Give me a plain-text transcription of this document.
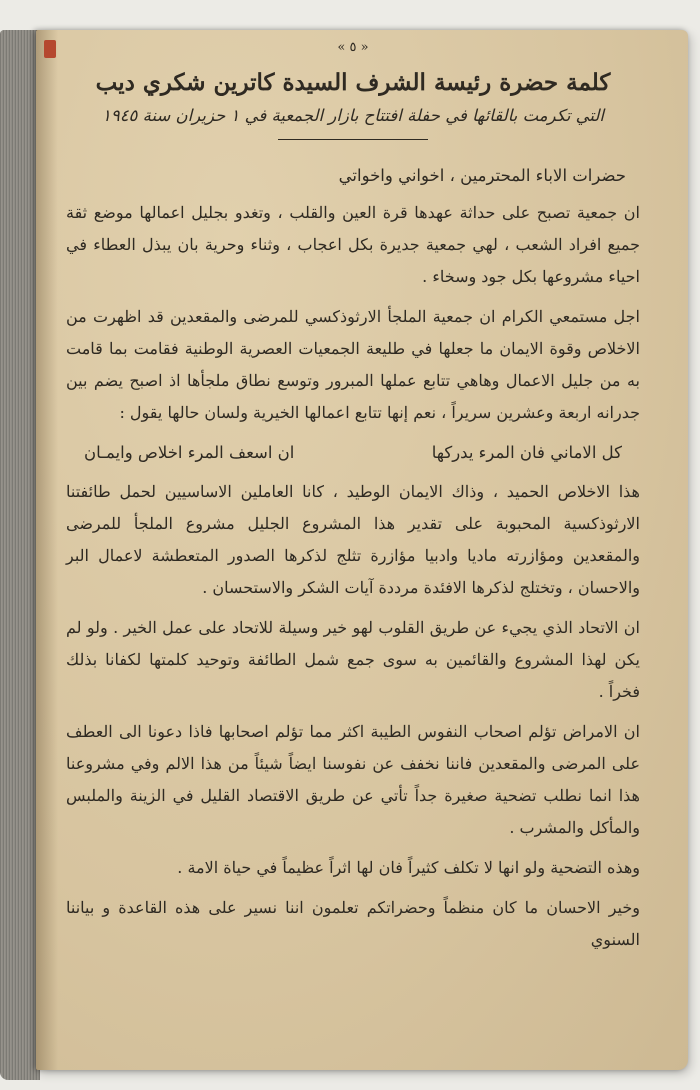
« ٥ »
كلمة حضرة رئيسة الشرف السيدة كاترين شكري ديب

التي تكرمت بالقائها في حفلة افتتاح بازار الجمعية في ١ حزيران سنة ١٩٤٥

حضرات الاباء المحترمين ، اخواني واخواتي

ان جمعية تصبح على حداثة عهدها قرة العين والقلب ، وتغدو بجليل اعمالها موضع ثقة جميع افراد الشعب ، لهي جمعية جديرة بكل اعجاب ، وثناء وحرية بان يبذل العطاء في احياء مشروعها بكل جود وسخاء .

اجل مستمعي الكرام ان جمعية الملجأ الارثوذكسي للمرضى والمقعدين قد اظهرت من الاخلاص وقوة الايمان ما جعلها في طليعة الجمعيات العصرية الوطنية فقامت بما قامت به من جليل الاعمال وهاهي تتابع عملها المبرور وتوسع نطاق ملجأها اذ اصبح يضم بين جدرانه اربعة وعشرين سريراً ، نعم إنها تتابع اعمالها الخيرية ولسان حالها يقول :

كل الاماني فان المرء يدركها
ان اسعف المرء اخلاص وايمـان

هذا الاخلاص الحميد ، وذاك الايمان الوطيد ، كانا العاملين الاساسيين لحمل طائفتنا الارثوذكسية المحبوبة على تقدير هذا المشروع الجليل مشروع الملجأ للمرضى والمقعدين ومؤازرته ماديا وادبيا مؤازرة تثلج لذكرها الصدور المتعطشة لاعمال البر والاحسان ، وتختلج لذكرها الافئدة مرددة آيات الشكر والاستحسان .

ان الاتحاد الذي يجيء عن طريق القلوب لهو خير وسيلة للاتحاد على عمل الخير . ولو لم يكن لهذا المشروع والقائمين به سوى جمع شمل الطائفة وتوحيد كلمتها لكفانا بذلك فخراً .

ان الامراض تؤلم اصحاب النفوس الطيبة اكثر مما تؤلم اصحابها فاذا دعونا الى العطف على المرضى والمقعدين فاننا نخفف عن نفوسنا ايضاً شيئاً من هذا الالم وفي مشروعنا هذا انما نطلب تضحية صغيرة جداً تأتي عن طريق الاقتصاد القليل في الزينة والملبس والمأكل والمشرب .

وهذه التضحية ولو انها لا تكلف كثيراً فان لها اثراً عظيماً في حياة الامة .

وخير الاحسان ما كان منظماً وحضراتكم تعلمون اننا نسير على هذه القاعدة و بياننا السنوي
